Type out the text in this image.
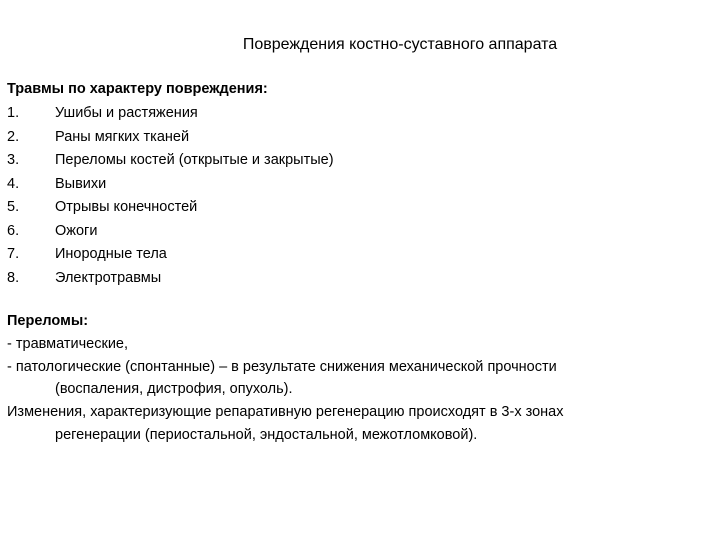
Повреждения костно-суставного аппарата
Травмы по характеру повреждения:
1. Ушибы и растяжения
2. Раны мягких тканей
3. Переломы костей (открытые и закрытые)
4. Вывихи
5. Отрывы конечностей
6. Ожоги
7. Инородные тела
8. Электротравмы
Переломы:
- травматические,
- патологические (спонтанные) – в результате снижения механической прочности
(воспаления, дистрофия, опухоль).
Изменения, характеризующие репаративную регенерацию происходят в 3-х зонах
регенерации (периостальной, эндостальной, межотломковой).
